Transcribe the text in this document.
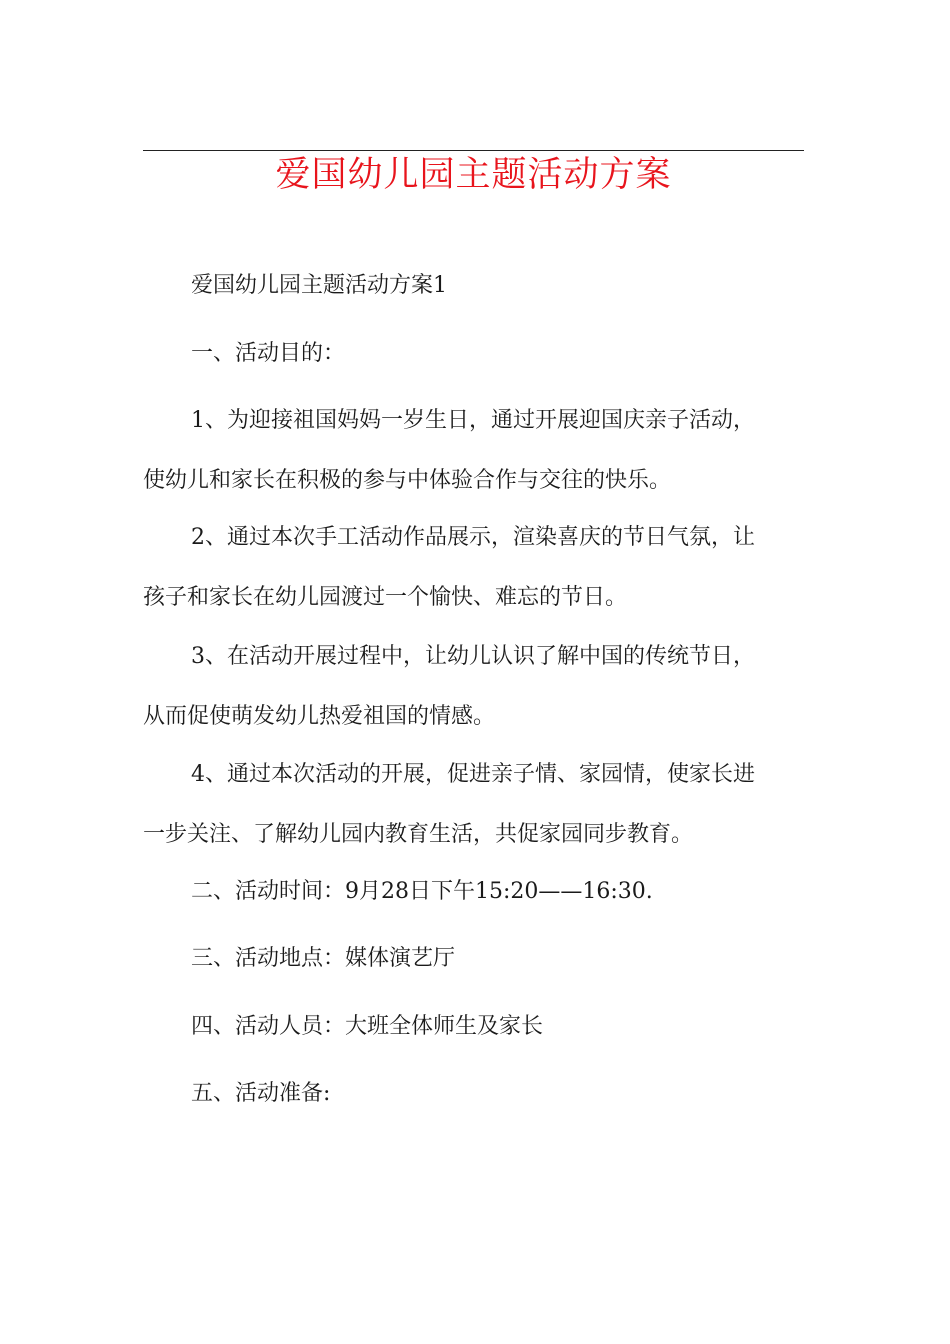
爱国幼儿园主题活动方案

爱国幼儿园主题活动方案1

一、活动目的：

1、为迎接祖国妈妈一岁生日，通过开展迎国庆亲子活动，
使幼儿和家长在积极的参与中体验合作与交往的快乐。
2、通过本次手工活动作品展示，渲染喜庆的节日气氛，让
孩子和家长在幼儿园渡过一个愉快、难忘的节日。
3、在活动开展过程中，让幼儿认识了解中国的传统节日，
从而促使萌发幼儿热爱祖国的情感。
4、通过本次活动的开展，促进亲子情、家园情，使家长进
一步关注、了解幼儿园内教育生活，共促家园同步教育。

二、活动时间：9月28日下午15:20——16:30.

三、活动地点：媒体演艺厅

四、活动人员：大班全体师生及家长

五、活动准备:
